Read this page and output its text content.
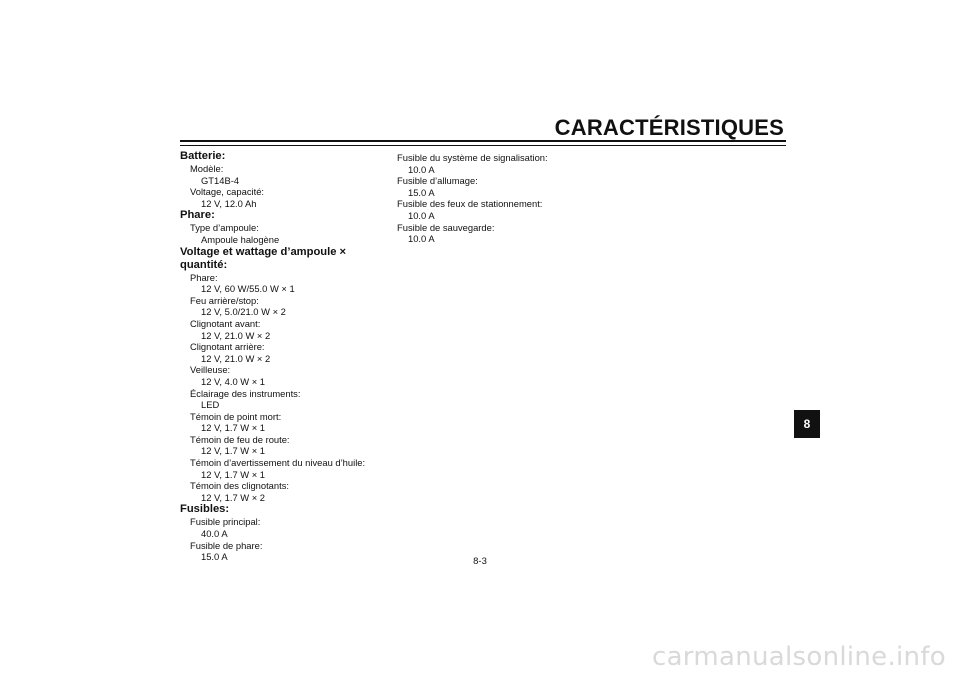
CARACTÉRISTIQUES
Batterie:
Modèle:
GT14B-4
Voltage, capacité:
12 V, 12.0 Ah
Phare:
Type d’ampoule:
Ampoule halogène
Voltage et wattage d’ampoule × quantité:
Phare:
12 V, 60 W/55.0 W × 1
Feu arrière/stop:
12 V, 5.0/21.0 W × 2
Clignotant avant:
12 V, 21.0 W × 2
Clignotant arrière:
12 V, 21.0 W × 2
Veilleuse:
12 V, 4.0 W × 1
Éclairage des instruments:
LED
Témoin de point mort:
12 V, 1.7 W × 1
Témoin de feu de route:
12 V, 1.7 W × 1
Témoin d’avertissement du niveau d’huile:
12 V, 1.7 W × 1
Témoin des clignotants:
12 V, 1.7 W × 2
Fusibles:
Fusible principal:
40.0 A
Fusible de phare:
15.0 A
Fusible du système de signalisation:
10.0 A
Fusible d’allumage:
15.0 A
Fusible des feux de stationnement:
10.0 A
Fusible de sauvegarde:
10.0 A
8-3
8
carmanualsonline.info
